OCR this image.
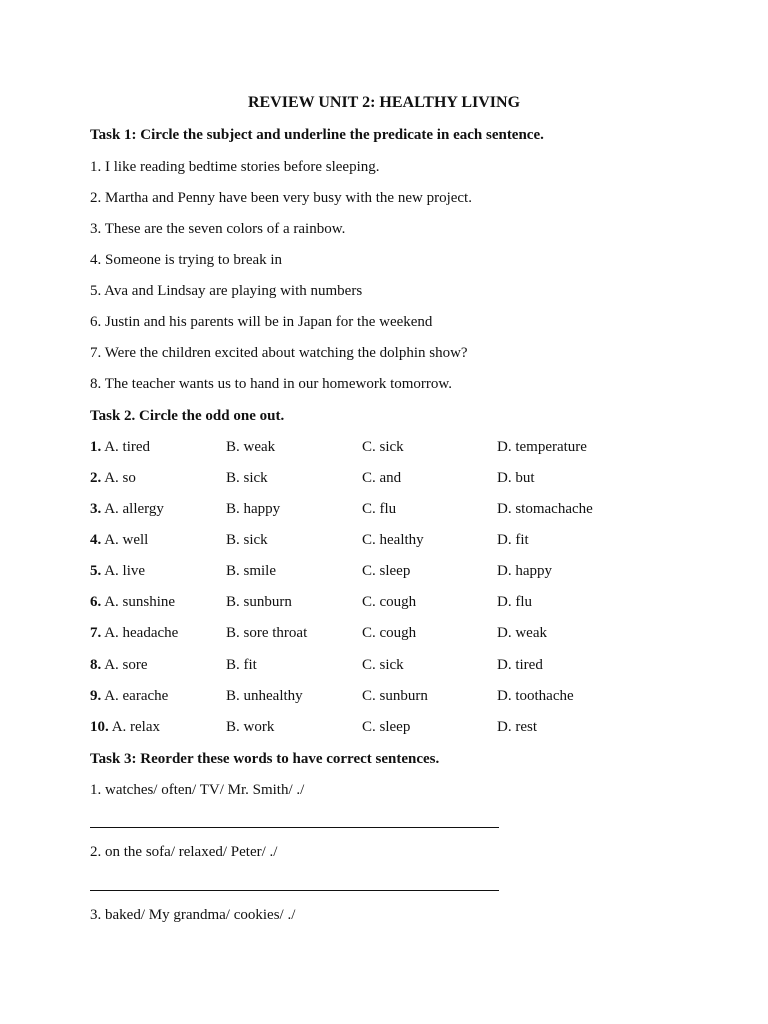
REVIEW UNIT 2: HEALTHY LIVING
Task 1: Circle the subject and underline the predicate in each sentence.
1. I like reading bedtime stories before sleeping.
2. Martha and Penny have been very busy with the new project.
3. These are the seven colors of a rainbow.
4. Someone is trying to break in
5. Ava and Lindsay are playing with numbers
6. Justin and his parents will be in Japan for the weekend
7. Were the children excited about watching the dolphin show?
8. The teacher wants us to hand in our homework tomorrow.
Task 2. Circle the odd one out.
1. A. tired	B. weak	C. sick	D. temperature
2. A. so	B. sick	C. and	D. but
3. A. allergy	B. happy	C. flu	D. stomachache
4. A. well	B. sick	C. healthy	D. fit
5. A. live	B. smile	C. sleep	D. happy
6. A. sunshine	B. sunburn	C. cough	D. flu
7. A. headache	B. sore throat	C. cough	D. weak
8. A. sore	B. fit	C. sick	D. tired
9. A. earache	B. unhealthy	C. sunburn	D. toothache
10. A. relax	B. work	C. sleep	D. rest
Task 3: Reorder these words to have correct sentences.
1. watches/ often/ TV/ Mr. Smith/ ./
2. on the sofa/ relaxed/ Peter/ ./
3. baked/ My grandma/ cookies/ ./
